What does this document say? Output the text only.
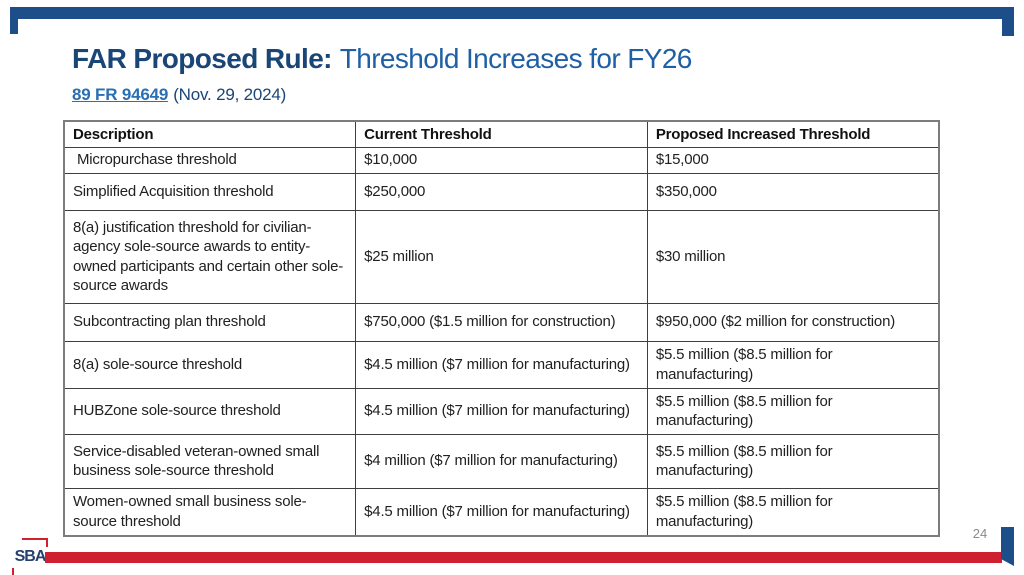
FAR Proposed Rule: Threshold Increases for FY26
89 FR 94649 (Nov. 29, 2024)
Description	Current Threshold	Proposed Increased Threshold
Micropurchase threshold	$10,000	$15,000
Simplified Acquisition threshold	$250,000	$350,000
8(a) justification threshold for civilian-agency sole-source awards to entity-owned participants and certain other sole-source awards	$25 million	$30 million
Subcontracting plan threshold	$750,000 ($1.5 million for construction)	$950,000 ($2 million for construction)
8(a) sole-source threshold	$4.5 million ($7 million for manufacturing)	$5.5 million ($8.5 million for manufacturing)
HUBZone sole-source threshold	$4.5 million ($7 million for manufacturing)	$5.5 million ($8.5 million for manufacturing)
Service-disabled veteran-owned small business sole-source threshold	$4 million ($7 million for manufacturing)	$5.5 million ($8.5 million for manufacturing)
Women-owned small business sole-source threshold	$4.5 million ($7 million for manufacturing)	$5.5 million ($8.5 million for manufacturing)
SBA
24
